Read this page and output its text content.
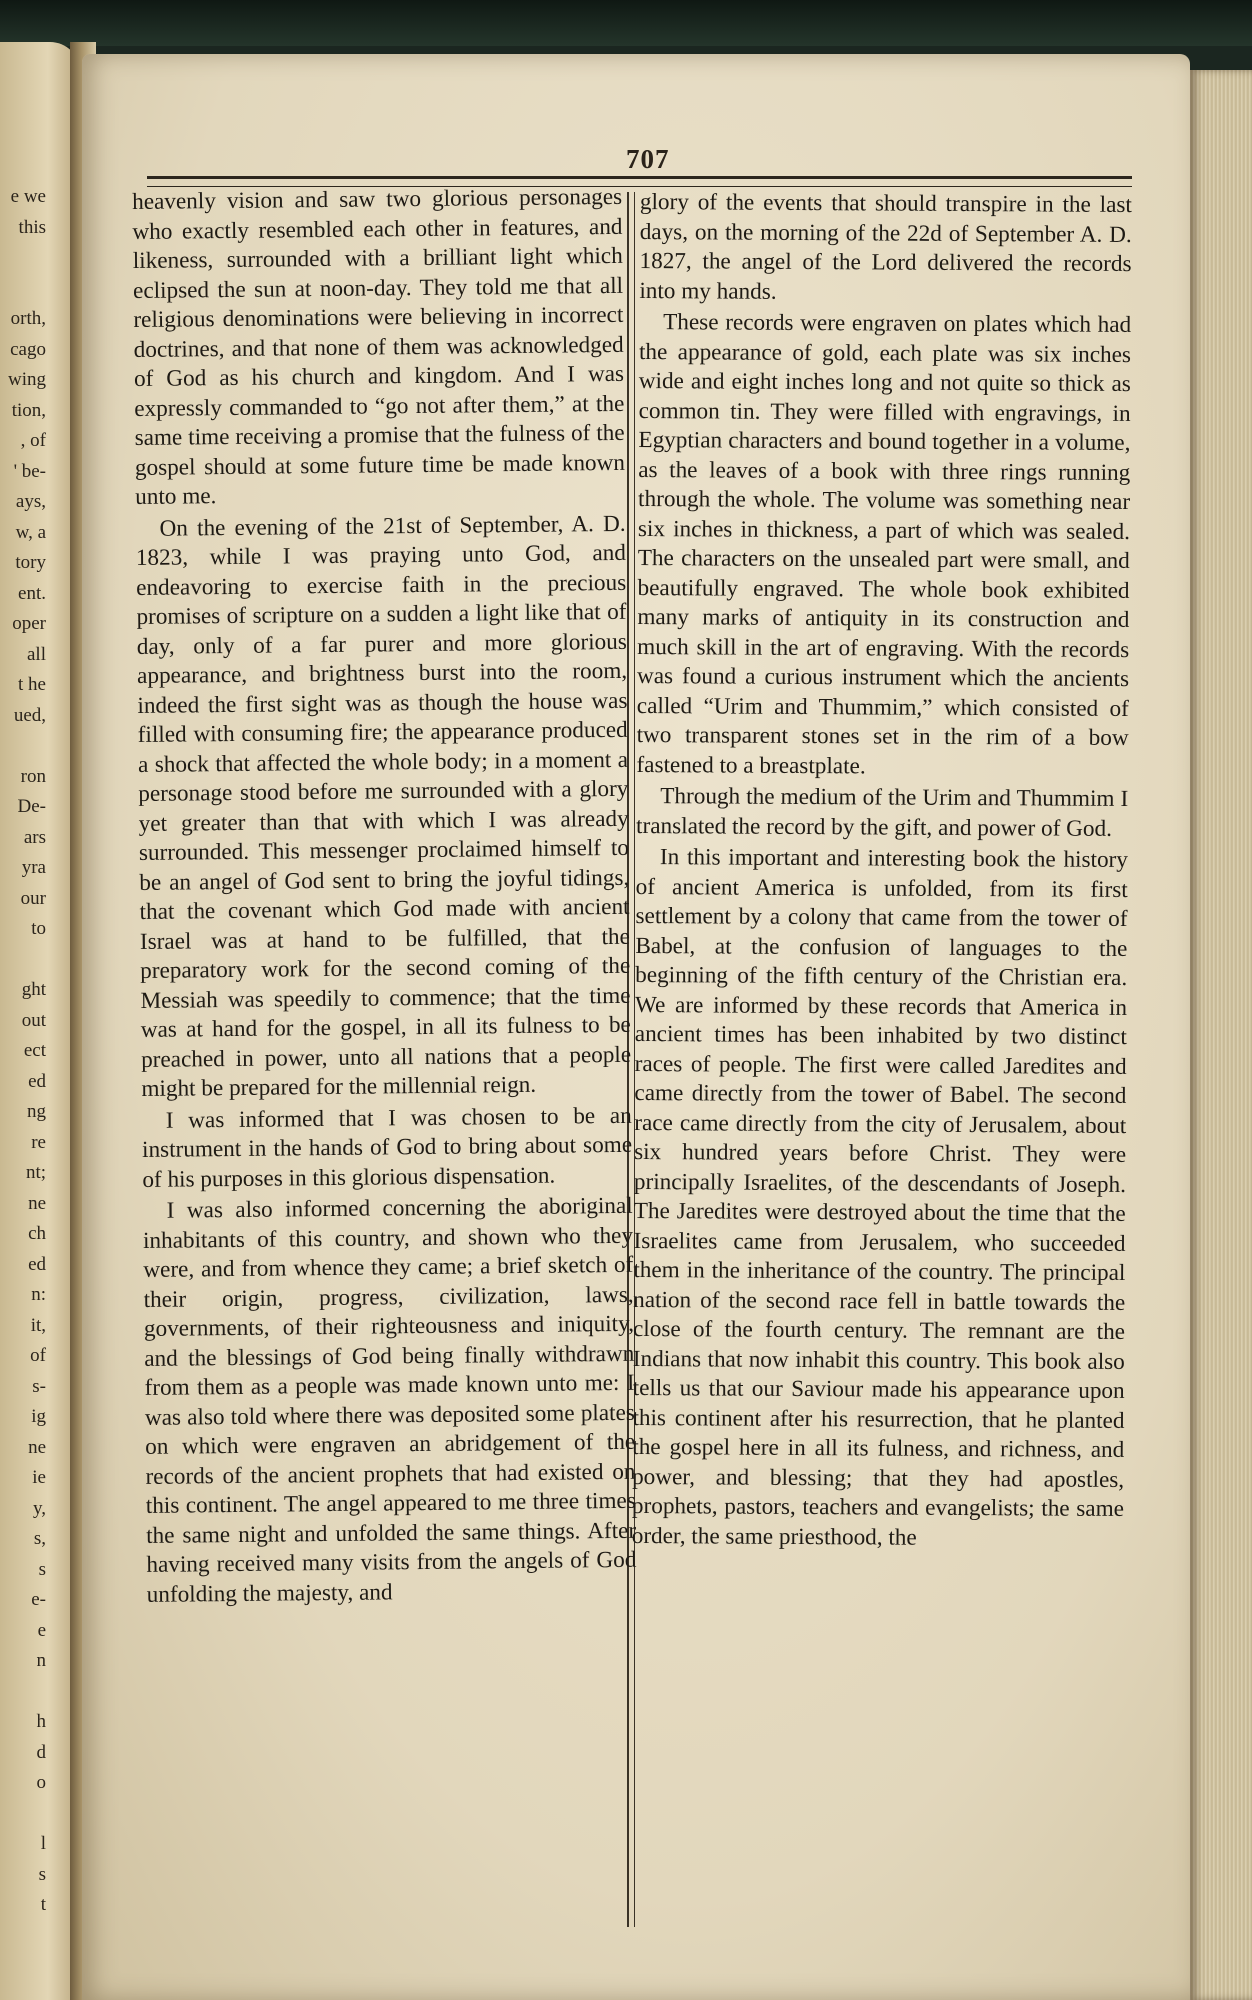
e we
this
orth,
cago
wing
tion,
, of
' be-
ays,
w, a
tory
ent.
oper
all
t he
ued,
ron
De-
ars
yra
our
to
ght
out
ect
ed
ng
re
nt;
ne
ch
ed
n:
it,
of
s-
ig
ne
ie
y,
s,
s
e-
e
n
h
d
o
l
s
t
707

heavenly vision and saw two glorious personages who exactly resembled each other in features, and likeness, surrounded with a brilliant light which eclipsed the sun at noon-day. They told me that all religious denominations were believing in incorrect doctrines, and that none of them was acknowledged of God as his church and kingdom. And I was expressly commanded to “go not after them,” at the same time receiving a promise that the fulness of the gospel should at some future time be made known unto me.

On the evening of the 21st of September, A. D. 1823, while I was praying unto God, and endeavoring to exercise faith in the precious promises of scripture on a sudden a light like that of day, only of a far purer and more glorious appearance, and brightness burst into the room, indeed the first sight was as though the house was filled with consuming fire; the appearance produced a shock that affected the whole body; in a moment a personage stood before me surrounded with a glory yet greater than that with which I was already surrounded. This messenger proclaimed himself to be an angel of God sent to bring the joyful tidings, that the covenant which God made with ancient Israel was at hand to be fulfilled, that the preparatory work for the second coming of the Messiah was speedily to commence; that the time was at hand for the gospel, in all its fulness to be preached in power, unto all nations that a people might be prepared for the millennial reign.

I was informed that I was chosen to be an instrument in the hands of God to bring about some of his purposes in this glorious dispensation.

I was also informed concerning the aboriginal inhabitants of this country, and shown who they were, and from whence they came; a brief sketch of their origin, progress, civilization, laws, governments, of their righteousness and iniquity, and the blessings of God being finally withdrawn from them as a people was made known unto me: I was also told where there was deposited some plates on which were engraven an abridgement of the records of the ancient prophets that had existed on this continent. The angel appeared to me three times the same night and unfolded the same things. After having received many visits from the angels of God unfolding the majesty, and

glory of the events that should transpire in the last days, on the morning of the 22d of September A. D. 1827, the angel of the Lord delivered the records into my hands.

These records were engraven on plates which had the appearance of gold, each plate was six inches wide and eight inches long and not quite so thick as common tin. They were filled with engravings, in Egyptian characters and bound together in a volume, as the leaves of a book with three rings running through the whole. The volume was something near six inches in thickness, a part of which was sealed. The characters on the unsealed part were small, and beautifully engraved. The whole book exhibited many marks of antiquity in its construction and much skill in the art of engraving. With the records was found a curious instrument which the ancients called “Urim and Thummim,” which consisted of two transparent stones set in the rim of a bow fastened to a breastplate.

Through the medium of the Urim and Thummim I translated the record by the gift, and power of God.

In this important and interesting book the history of ancient America is unfolded, from its first settlement by a colony that came from the tower of Babel, at the confusion of languages to the beginning of the fifth century of the Christian era. We are informed by these records that America in ancient times has been inhabited by two distinct races of people. The first were called Jaredites and came directly from the tower of Babel. The second race came directly from the city of Jerusalem, about six hundred years before Christ. They were principally Israelites, of the descendants of Joseph. The Jaredites were destroyed about the time that the Israelites came from Jerusalem, who succeeded them in the inheritance of the country. The principal nation of the second race fell in battle towards the close of the fourth century. The remnant are the Indians that now inhabit this country. This book also tells us that our Saviour made his appearance upon this continent after his resurrection, that he planted the gospel here in all its fulness, and richness, and power, and blessing; that they had apostles, prophets, pastors, teachers and evangelists; the same order, the same priesthood, the
